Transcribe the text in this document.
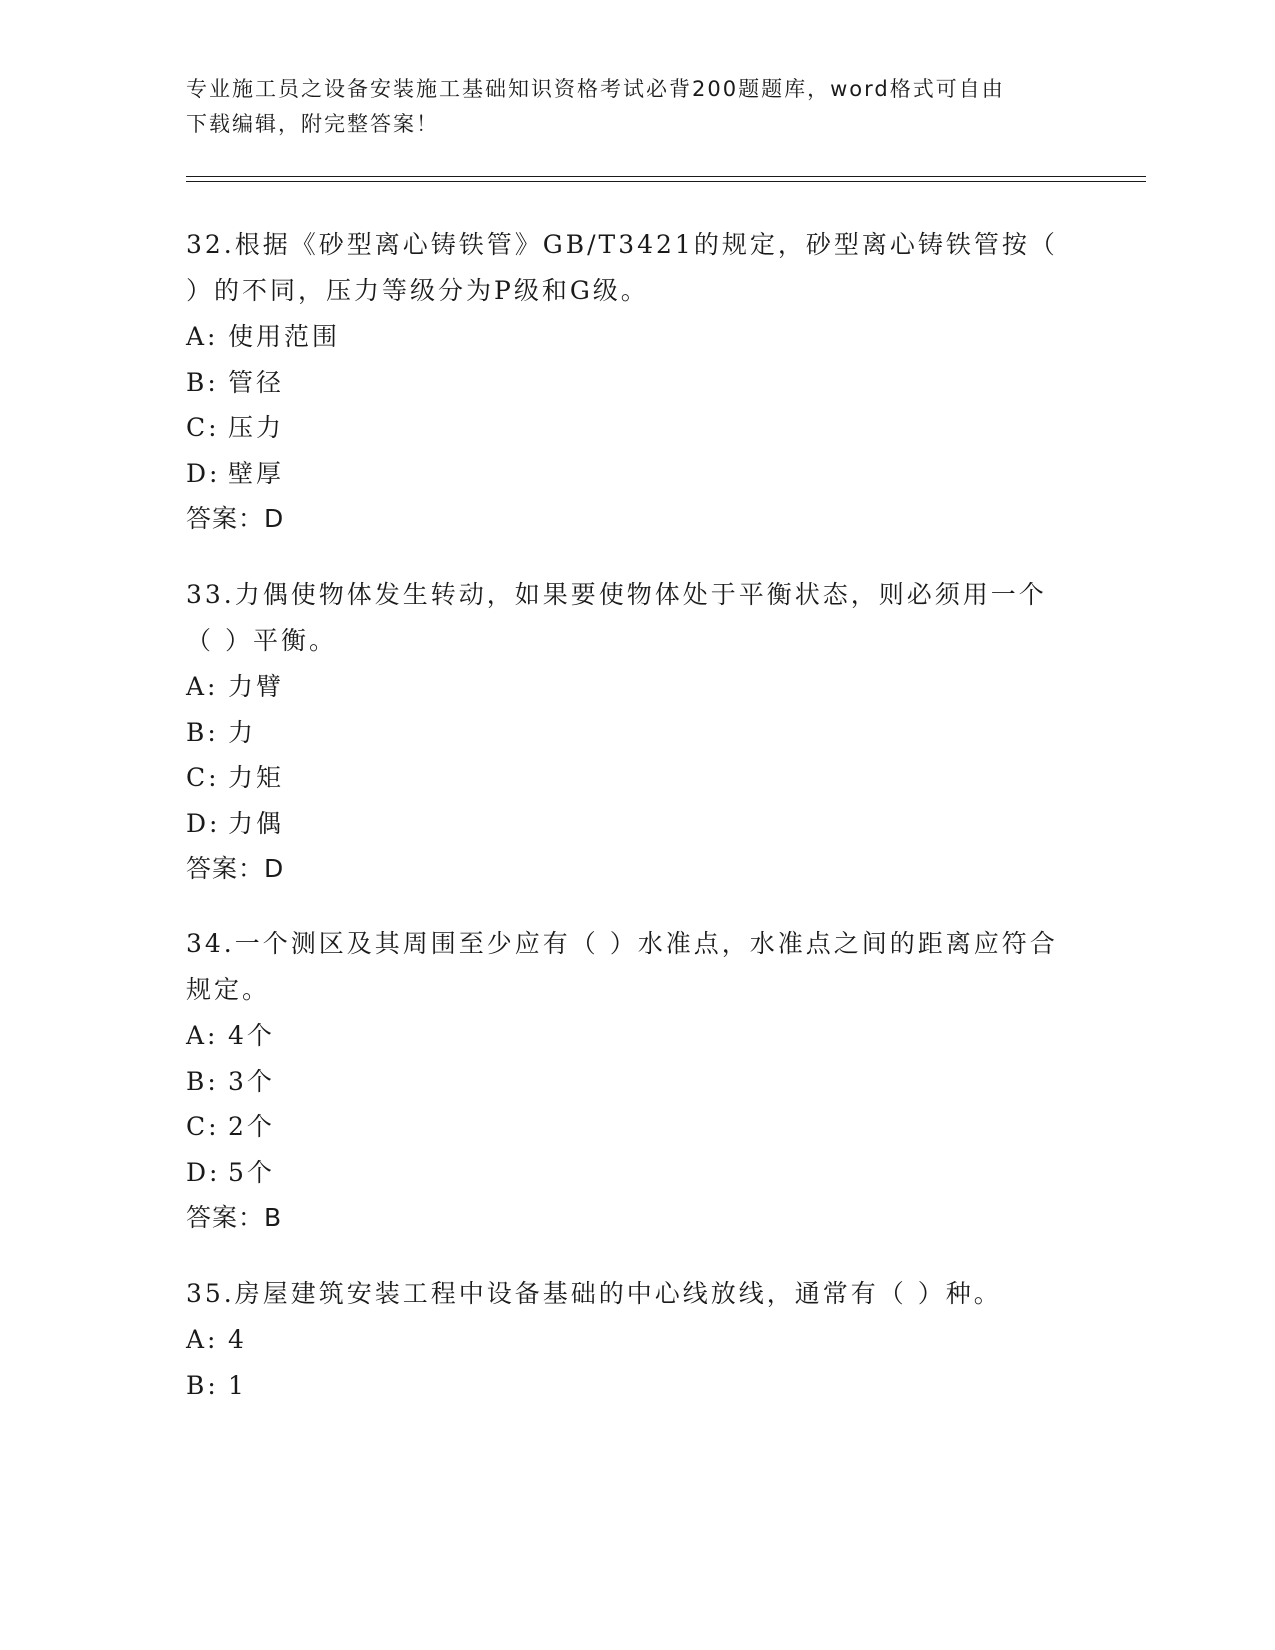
专业施工员之设备安装施工基础知识资格考试必背200题题库，word格式可自由
下载编辑，附完整答案！

32.根据《砂型离心铸铁管》GB/T3421的规定，砂型离心铸铁管按（ ）的不同，压力等级分为P级和G级。

A: 使用范围

B: 管径

C: 压力

D: 壁厚

答案：D

33.力偶使物体发生转动，如果要使物体处于平衡状态，则必须用一个（ ）平衡。

A: 力臂

B: 力

C: 力矩

D: 力偶

答案：D

34.一个测区及其周围至少应有（ ）水准点，水准点之间的距离应符合规定。

A: 4个

B: 3个

C: 2个

D: 5个

答案：B

35.房屋建筑安装工程中设备基础的中心线放线，通常有（ ）种。

A: 4

B: 1
